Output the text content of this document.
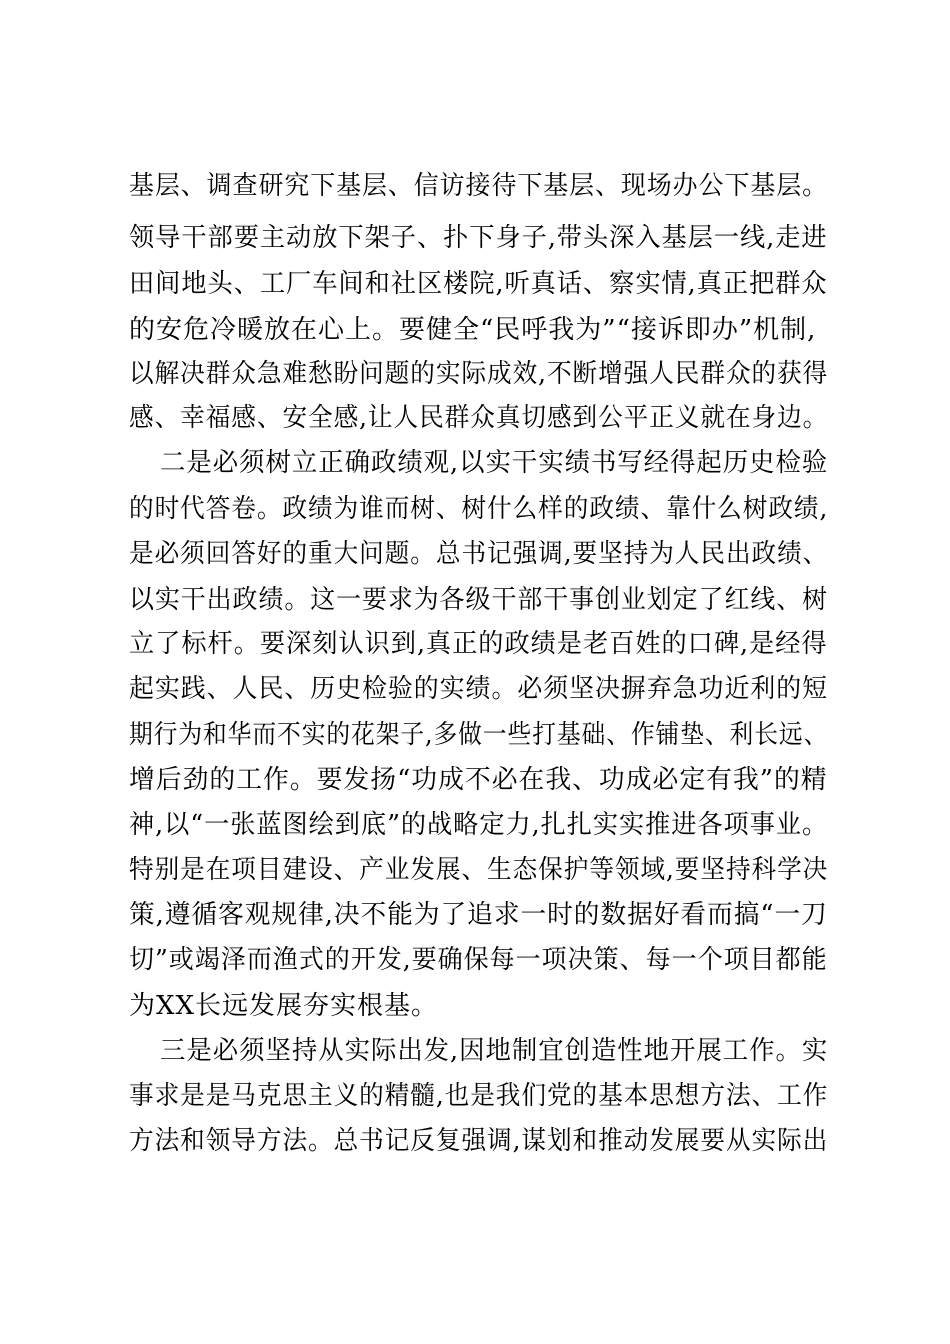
基层、调查研究下基层、信访接待下基层、现场办公下基层。
领导干部要主动放下架子、扑下身子,带头深入基层一线,走进
田间地头、工厂车间和社区楼院,听真话、察实情,真正把群众
的安危冷暖放在心上。要健全“民呼我为”“接诉即办”机制,
以解决群众急难愁盼问题的实际成效,不断增强人民群众的获得
感、幸福感、安全感,让人民群众真切感到公平正义就在身边。
二是必须树立正确政绩观,以实干实绩书写经得起历史检验
的时代答卷。政绩为谁而树、树什么样的政绩、靠什么树政绩,
是必须回答好的重大问题。总书记强调,要坚持为人民出政绩、
以实干出政绩。这一要求为各级干部干事创业划定了红线、树
立了标杆。要深刻认识到,真正的政绩是老百姓的口碑,是经得
起实践、人民、历史检验的实绩。必须坚决摒弃急功近利的短
期行为和华而不实的花架子,多做一些打基础、作铺垫、利长远、
增后劲的工作。要发扬“功成不必在我、功成必定有我”的精
神,以“一张蓝图绘到底”的战略定力,扎扎实实推进各项事业。
特别是在项目建设、产业发展、生态保护等领域,要坚持科学决
策,遵循客观规律,决不能为了追求一时的数据好看而搞“一刀
切”或竭泽而渔式的开发,要确保每一项决策、每一个项目都能
为XX长远发展夯实根基。
三是必须坚持从实际出发,因地制宜创造性地开展工作。实
事求是是马克思主义的精髓,也是我们党的基本思想方法、工作
方法和领导方法。总书记反复强调,谋划和推动发展要从实际出
